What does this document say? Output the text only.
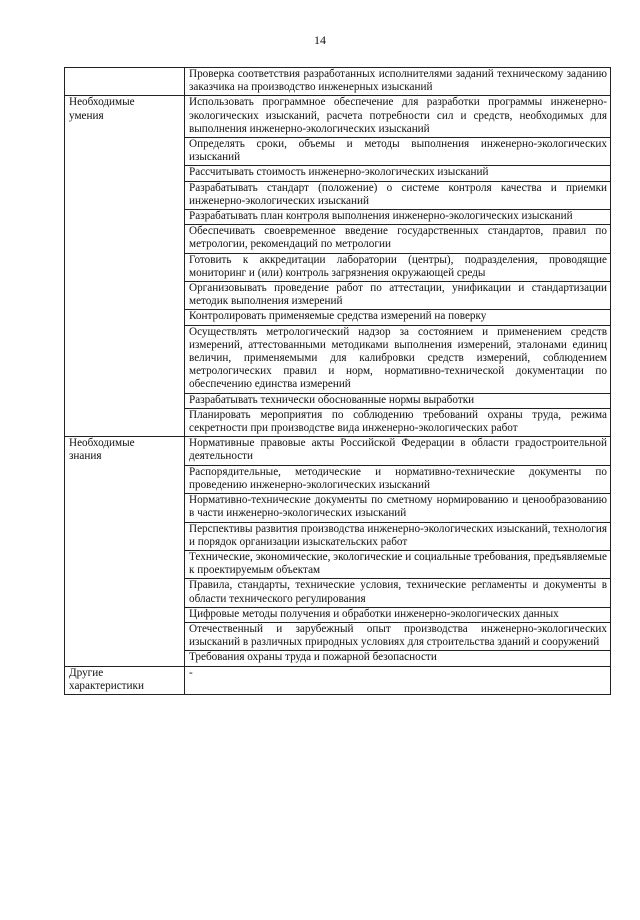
14
	Проверка соответствия разработанных исполнителями заданий техническому заданию заказчика на производство инженерных изысканий
Необходимые
умения	Использовать программное обеспечение для разработки программы инженерно-экологических изысканий, расчета потребности сил и средств, необходимых для выполнения инженерно-экологических изысканий
	Определять сроки, объемы и методы выполнения инженерно-экологических изысканий
	Рассчитывать стоимость инженерно-экологических изысканий
	Разрабатывать стандарт (положение) о системе контроля качества и приемки инженерно-экологических изысканий
	Разрабатывать план контроля выполнения инженерно-экологических изысканий
	Обеспечивать своевременное введение государственных стандартов, правил по метрологии, рекомендаций по метрологии
	Готовить к аккредитации лаборатории (центры), подразделения, проводящие мониторинг и (или) контроль загрязнения окружающей среды
	Организовывать проведение работ по аттестации, унификации и стандартизации методик выполнения измерений
	Контролировать применяемые средства измерений на поверку
	Осуществлять метрологический надзор за состоянием и применением средств измерений, аттестованными методиками выполнения измерений, эталонами единиц величин, применяемыми для калибровки средств измерений, соблюдением метрологических правил и норм, нормативно-технической документации по обеспечению единства измерений
	Разрабатывать технически обоснованные нормы выработки
	Планировать мероприятия по соблюдению требований охраны труда, режима секретности при производстве вида инженерно-экологических работ
Необходимые
знания	Нормативные правовые акты Российской Федерации в области градостроительной деятельности
	Распорядительные, методические и нормативно-технические документы по проведению инженерно-экологических изысканий
	Нормативно-технические документы по сметному нормированию и ценообразованию в части инженерно-экологических изысканий
	Перспективы развития производства инженерно-экологических изысканий, технология и порядок организации изыскательских работ
	Технические, экономические, экологические и социальные требования, предъявляемые к проектируемым объектам
	Правила, стандарты, технические условия, технические регламенты и документы в области технического регулирования
	Цифровые методы получения и обработки инженерно-экологических данных
	Отечественный и зарубежный опыт производства инженерно-экологических изысканий в различных природных условиях для строительства зданий и сооружений
	Требования охраны труда и пожарной безопасности
Другие
характеристики	-
